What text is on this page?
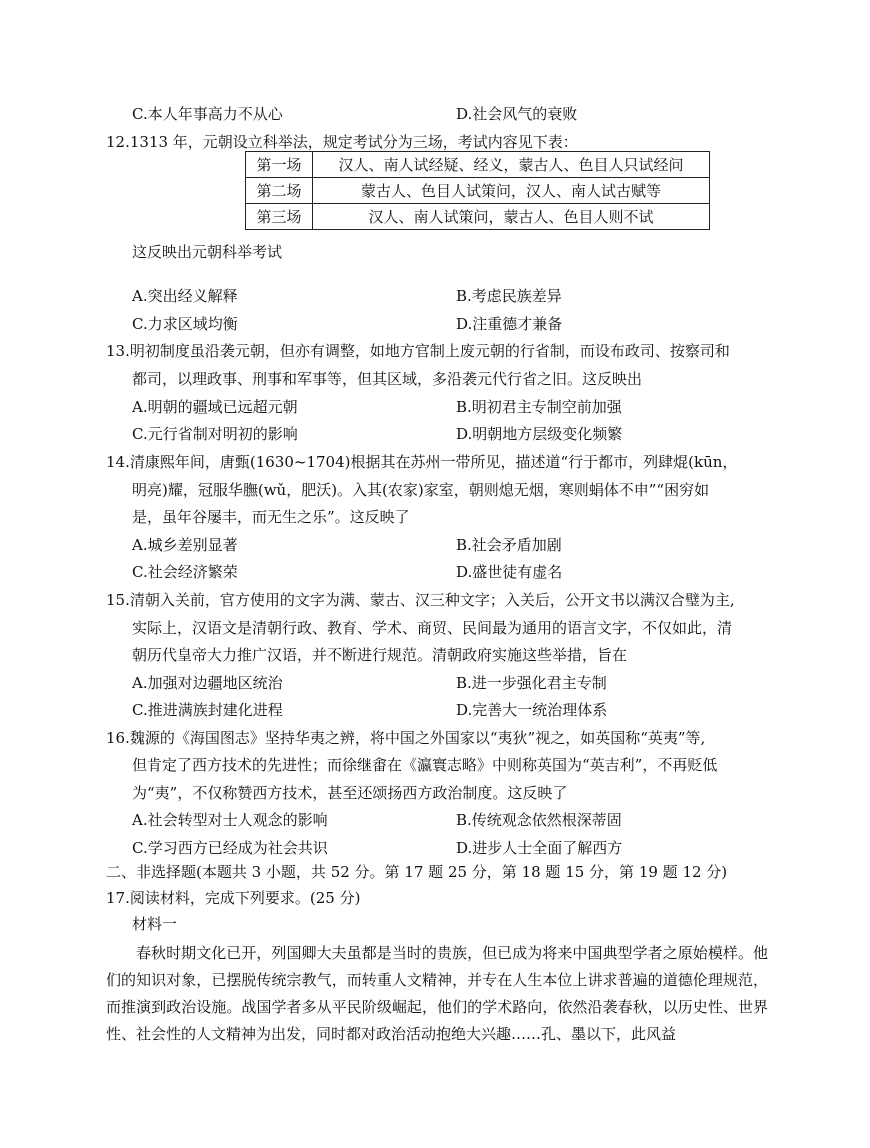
C.本人年事高力不从心	D.社会风气的衰败
12.1313 年，元朝设立科举法，规定考试分为三场，考试内容见下表：
第一场	汉人、南人试经疑、经义，蒙古人、色目人只试经问
第二场	蒙古人、色目人试策问，汉人、南人试古赋等
第三场	汉人、南人试策问，蒙古人、色目人则不试
这反映出元朝科举考试
A.突出经义解释	B.考虑民族差异
C.力求区域均衡	D.注重德才兼备
13.明初制度虽沿袭元朝，但亦有调整，如地方官制上废元朝的行省制，而设布政司、按察司和
都司，以理政事、刑事和军事等，但其区域，多沿袭元代行省之旧。这反映出
A.明朝的疆域已远超元朝	B.明初君主专制空前加强
C.元行省制对明初的影响	D.明朝地方层级变化频繁
14.清康熙年间，唐甄(1630~1704)根据其在苏州一带所见，描述道“行于都市，列肆焜(kūn，
明亮)耀，冠服华膴(wǔ，肥沃)。入其(农家)家室，朝则熄无烟，寒则蜎体不申”“困穷如
是，虽年谷屡丰，而无生之乐”。这反映了
A.城乡差别显著	B.社会矛盾加剧
C.社会经济繁荣	D.盛世徒有虚名
15.清朝入关前，官方使用的文字为满、蒙古、汉三种文字；入关后，公开文书以满汉合璧为主,
实际上，汉语文是清朝行政、教育、学术、商贸、民间最为通用的语言文字，不仅如此，清
朝历代皇帝大力推广汉语，并不断进行规范。清朝政府实施这些举措，旨在
A.加强对边疆地区统治	B.进一步强化君主专制
C.推进满族封建化进程	D.完善大一统治理体系
16.魏源的《海国图志》坚持华夷之辨，将中国之外国家以“夷狄”视之，如英国称“英夷”等,
但肯定了西方技术的先进性；而徐继畬在《瀛寰志略》中则称英国为“英吉利”，不再贬低
为“夷”，不仅称赞西方技术，甚至还颂扬西方政治制度。这反映了
A.社会转型对士人观念的影响	B.传统观念依然根深蒂固
C.学习西方已经成为社会共识	D.进步人士全面了解西方
二、非选择题(本题共 3 小题，共 52 分。第 17 题 25 分，第 18 题 15 分，第 19 题 12 分)
17.阅读材料，完成下列要求。(25 分)
材料一
春秋时期文化已开，列国卿大夫虽都是当时的贵族，但已成为将来中国典型学者之原始模样。他们的知识对象，已摆脱传统宗教气，而转重人文精神，并专在人生本位上讲求普遍的道德伦理规范，而推演到政治设施。战国学者多从平民阶级崛起，他们的学术路向，依然沿袭春秋，以历史性、世界性、社会性的人文精神为出发，同时都对政治活动抱绝大兴趣……孔、墨以下，此风益
